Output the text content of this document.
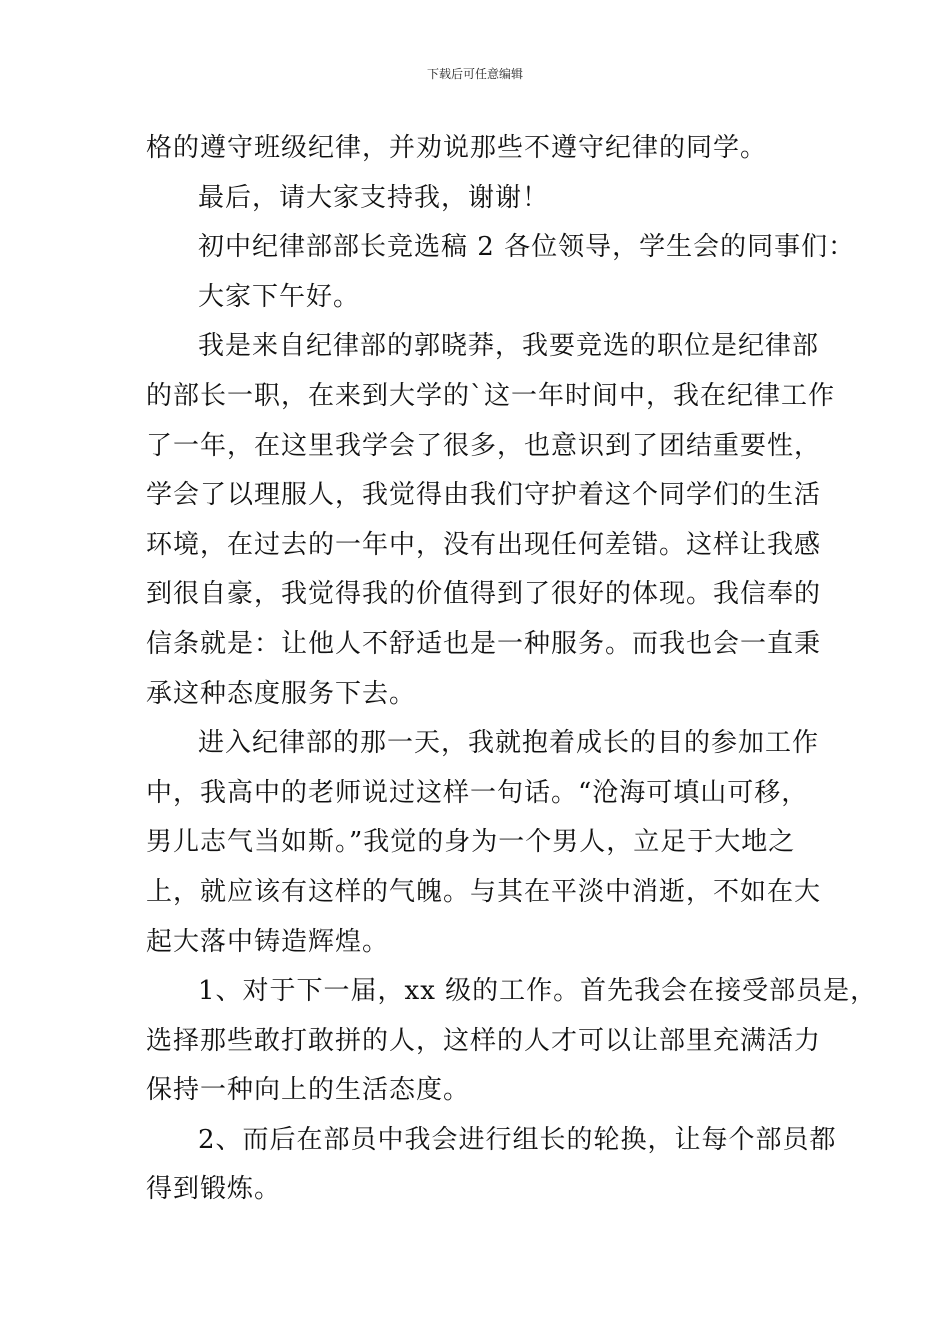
下载后可任意编辑
格的遵守班级纪律，并劝说那些不遵守纪律的同学。
最后，请大家支持我，谢谢！
初中纪律部部长竞选稿 2 各位领导，学生会的同事们：
大家下午好。
我是来自纪律部的郭晓莽，我要竞选的职位是纪律部
的部长一职，在来到大学的`这一年时间中，我在纪律工作
了一年，在这里我学会了很多，也意识到了团结重要性，
学会了以理服人，我觉得由我们守护着这个同学们的生活
环境，在过去的一年中，没有出现任何差错。这样让我感
到很自豪，我觉得我的价值得到了很好的体现。我信奉的
信条就是：让他人不舒适也是一种服务。而我也会一直秉
承这种态度服务下去。
进入纪律部的那一天，我就抱着成长的目的参加工作
中，我高中的老师说过这样一句话。“沧海可填山可移，
男儿志气当如斯。”我觉的身为一个男人，立足于大地之
上，就应该有这样的气魄。与其在平淡中消逝，不如在大
起大落中铸造辉煌。
1、对于下一届，xx 级的工作。首先我会在接受部员是，
选择那些敢打敢拼的人，这样的人才可以让部里充满活力
保持一种向上的生活态度。
2、而后在部员中我会进行组长的轮换，让每个部员都
得到锻炼。
